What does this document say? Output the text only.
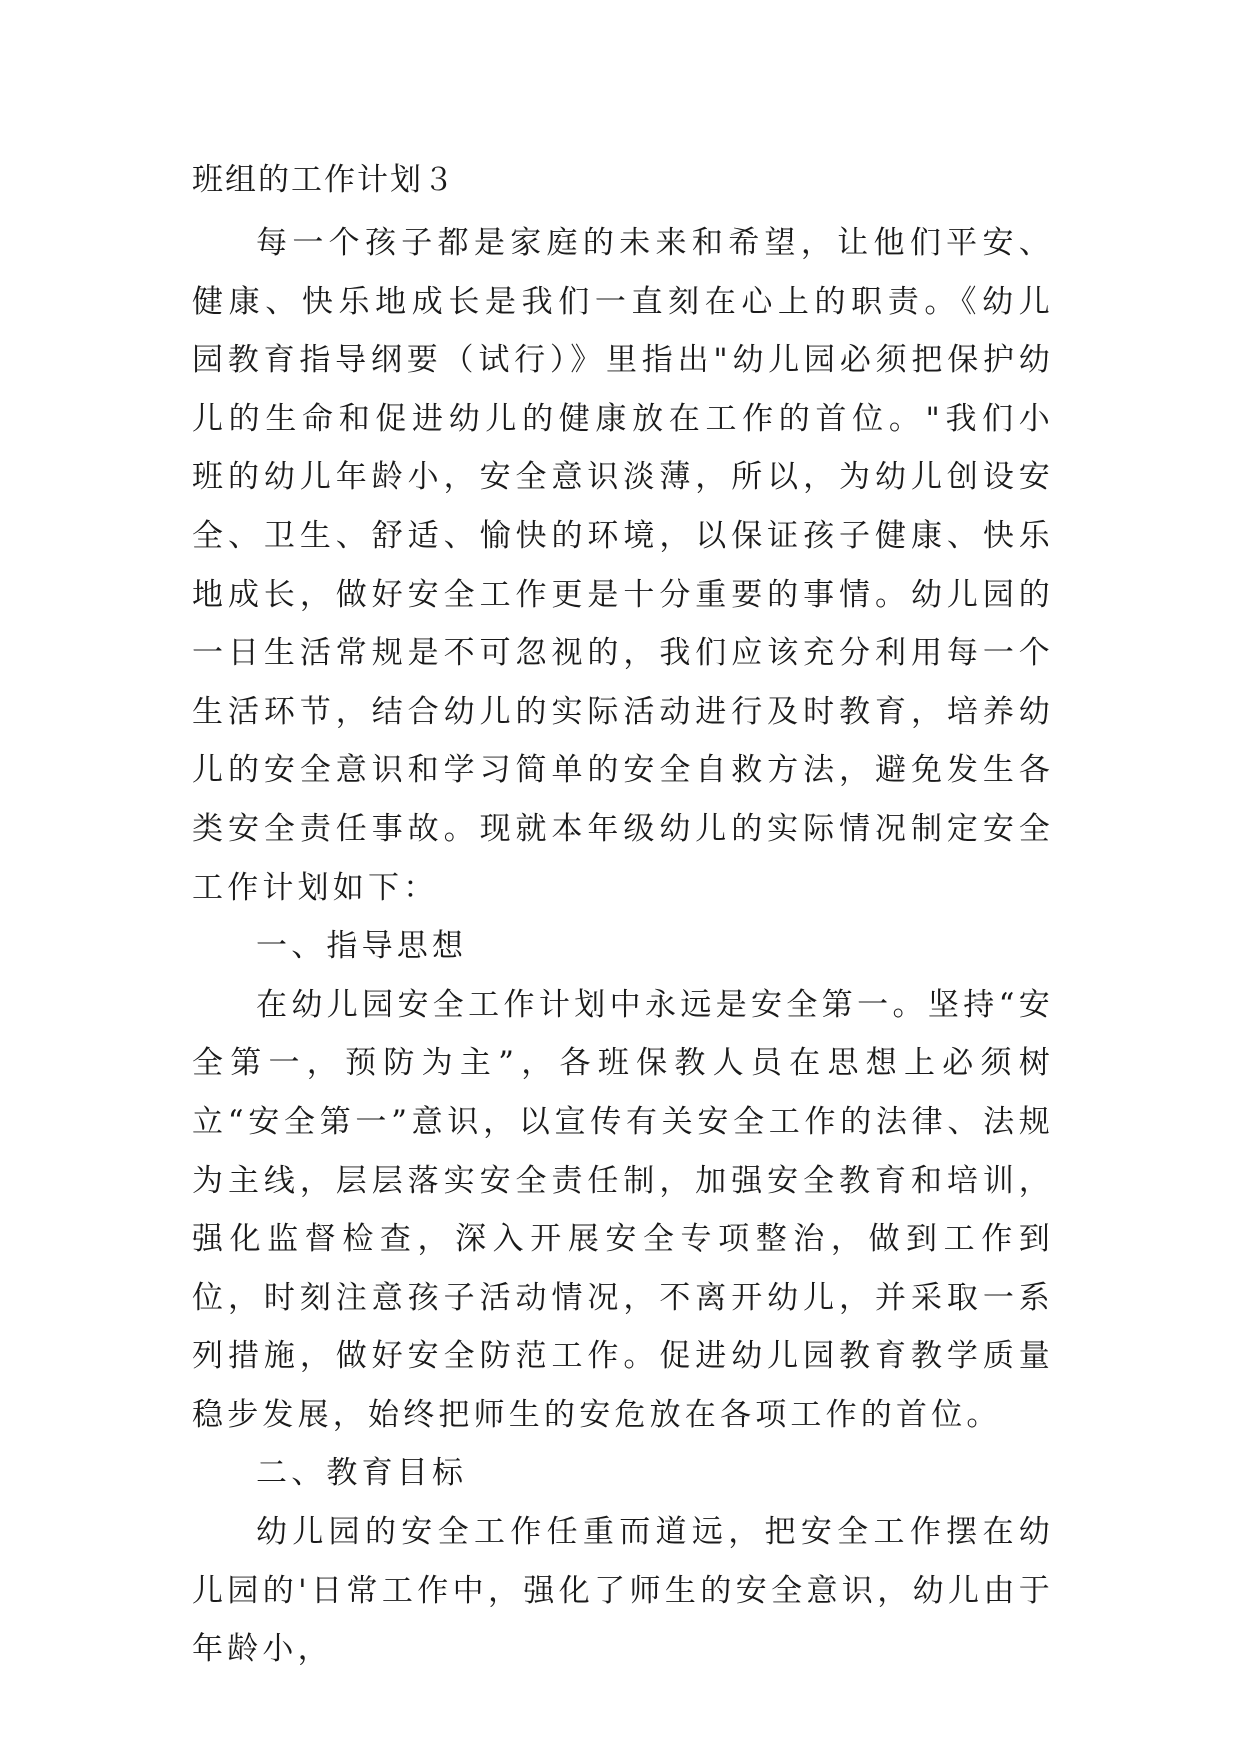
班组的工作计划３

每一个孩子都是家庭的未来和希望，让他们平安、健康、快乐地成长是我们一直刻在心上的职责。《幼儿园教育指导纲要（试行）》里指出"幼儿园必须把保护幼儿的生命和促进幼儿的健康放在工作的首位。"我们小班的幼儿年龄小，安全意识淡薄，所以，为幼儿创设安全、卫生、舒适、愉快的环境，以保证孩子健康、快乐地成长，做好安全工作更是十分重要的事情。幼儿园的一日生活常规是不可忽视的，我们应该充分利用每一个生活环节，结合幼儿的实际活动进行及时教育，培养幼儿的安全意识和学习简单的安全自救方法，避免发生各类安全责任事故。现就本年级幼儿的实际情况制定安全工作计划如下：

一、指导思想

在幼儿园安全工作计划中永远是安全第一。坚持“安全第一，预防为主”，各班保教人员在思想上必须树立“安全第一”意识，以宣传有关安全工作的法律、法规为主线，层层落实安全责任制，加强安全教育和培训，强化监督检查，深入开展安全专项整治，做到工作到位，时刻注意孩子活动情况，不离开幼儿，并采取一系列措施，做好安全防范工作。促进幼儿园教育教学质量稳步发展，始终把师生的安危放在各项工作的首位。

二、教育目标

幼儿园的安全工作任重而道远，把安全工作摆在幼儿园的'日常工作中，强化了师生的安全意识，幼儿由于年龄小，
